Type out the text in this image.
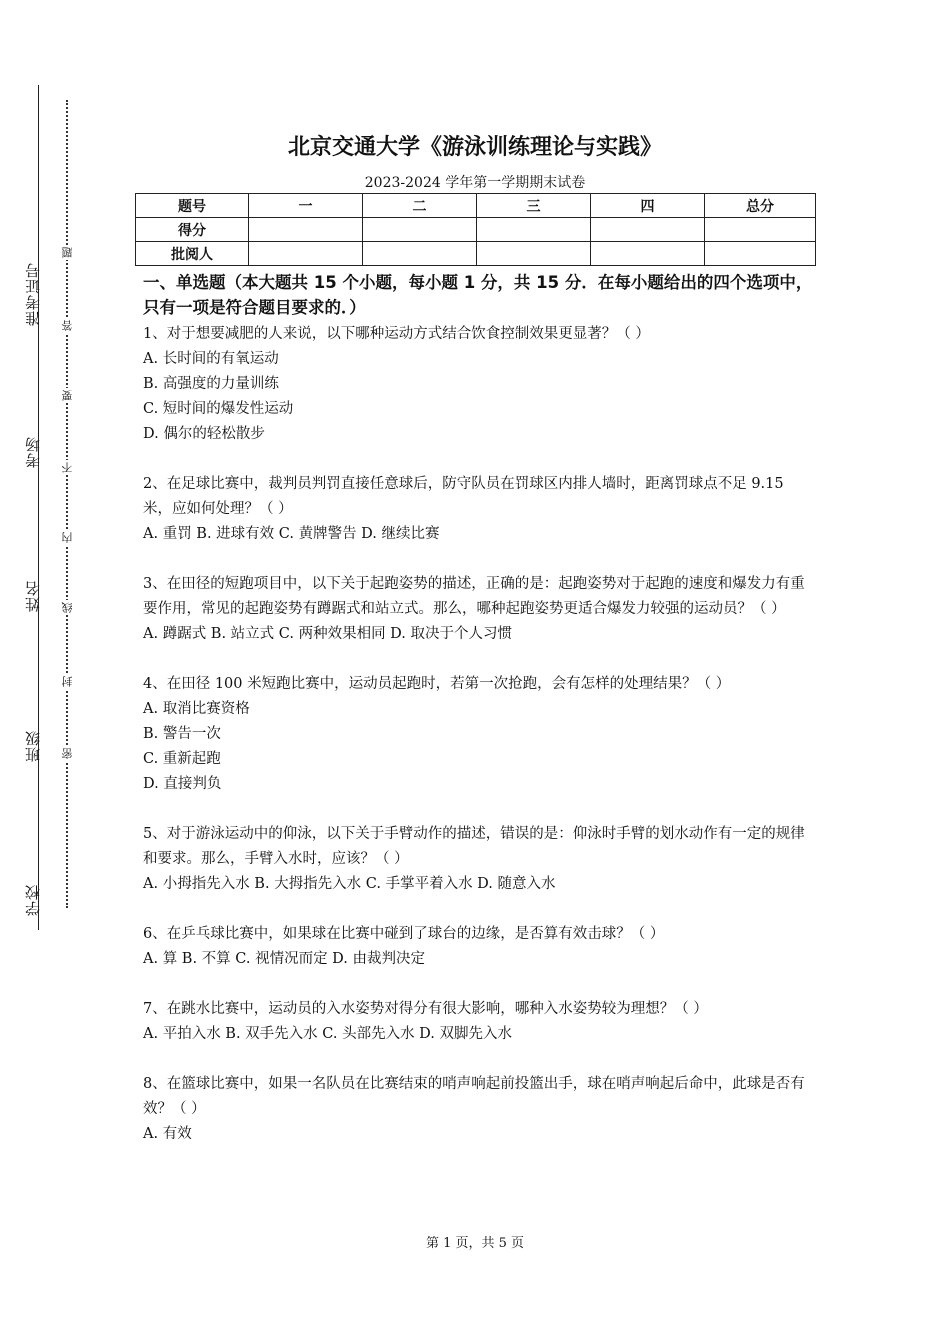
准考证号
考场
姓名
班级
学校
题
答
要
不
内
线
封
密
北京交通大学《游泳训练理论与实践》
2023-2024 学年第一学期期末试卷
题号	一	二	三	四	总分
得分					
批阅人					
一、单选题（本大题共 15 个小题，每小题 1 分，共 15 分．在每小题给出的四个选项中，只有一项是符合题目要求的．）

1、对于想要减肥的人来说，以下哪种运动方式结合饮食控制效果更显著？（ ）

A. 长时间的有氧运动

B. 高强度的力量训练

C. 短时间的爆发性运动

D. 偶尔的轻松散步

2、在足球比赛中，裁判员判罚直接任意球后，防守队员在罚球区内排人墙时，距离罚球点不足 9.15 米，应如何处理？（ ）

A. 重罚 B. 进球有效 C. 黄牌警告 D. 继续比赛

3、在田径的短跑项目中，以下关于起跑姿势的描述，正确的是：起跑姿势对于起跑的速度和爆发力有重要作用，常见的起跑姿势有蹲踞式和站立式。那么，哪种起跑姿势更适合爆发力较强的运动员？（ ）

A. 蹲踞式 B. 站立式 C. 两种效果相同 D. 取决于个人习惯

4、在田径 100 米短跑比赛中，运动员起跑时，若第一次抢跑，会有怎样的处理结果？（ ）

A. 取消比赛资格

B. 警告一次

C. 重新起跑

D. 直接判负

5、对于游泳运动中的仰泳，以下关于手臂动作的描述，错误的是：仰泳时手臂的划水动作有一定的规律和要求。那么，手臂入水时，应该？（ ）

A. 小拇指先入水 B. 大拇指先入水 C. 手掌平着入水 D. 随意入水

6、在乒乓球比赛中，如果球在比赛中碰到了球台的边缘，是否算有效击球？（ ）

A. 算 B. 不算 C. 视情况而定 D. 由裁判决定

7、在跳水比赛中，运动员的入水姿势对得分有很大影响，哪种入水姿势较为理想？（ ）

A. 平拍入水 B. 双手先入水 C. 头部先入水 D. 双脚先入水

8、在篮球比赛中，如果一名队员在比赛结束的哨声响起前投篮出手，球在哨声响起后命中，此球是否有效？（ ）

A. 有效

第 1 页，共 5 页
